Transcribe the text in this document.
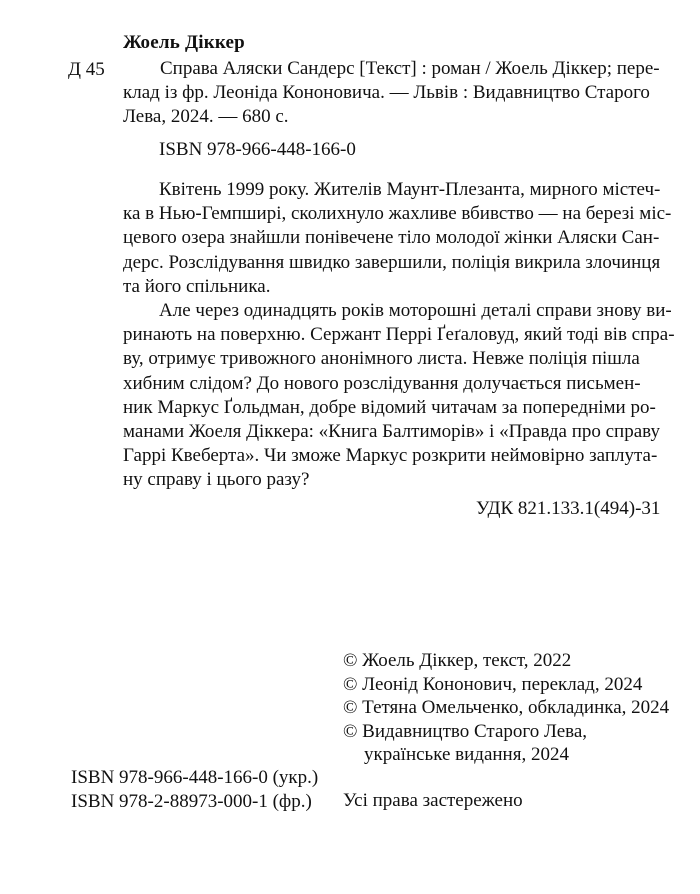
Жоель Діккер
Д 45	Справа Аляски Сандерс [Текст] : роман / Жоель Діккер; пере-
клад із фр. Леоніда Кононовича. — Львів : Видавництво Старого
Лева, 2024. — 680 с.
ISBN 978-966-448-166-0
Квітень 1999 року. Жителів Маунт-Плезанта, мирного містеч-
ка в Нью-Гемпширі, сколихнуло жахливе вбивство — на березі міс-
цевого озера знайшли понівечене тіло молодої жінки Аляски Сан-
дерс. Розслідування швидко завершили, поліція викрила злочинця
та його спільника.
Але через одинадцять років моторошні деталі справи знову ви-
ринають на поверхню. Сержант Перрі Ґеґаловуд, який тоді вів спра-
ву, отримує тривожного анонімного листа. Невже поліція пішла
хибним слідом? До нового розслідування долучається письмен-
ник Маркус Ґольдман, добре відомий читачам за попередніми ро-
манами Жоеля Діккера: «Книга Балтиморів» і «Правда про справу
Гаррі Квеберта». Чи зможе Маркус розкрити неймовірно заплута-
ну справу і цього разу?
УДК 821.133.1(494)-31
© Жоель Діккер, текст, 2022
© Леонід Кононович, переклад, 2024
© Тетяна Омельченко, обкладинка, 2024
© Видавництво Старого Лева,
українське видання, 2024
ISBN 978-966-448-166-0 (укр.)
ISBN 978-2-88973-000-1 (фр.)	Усі права застережено
